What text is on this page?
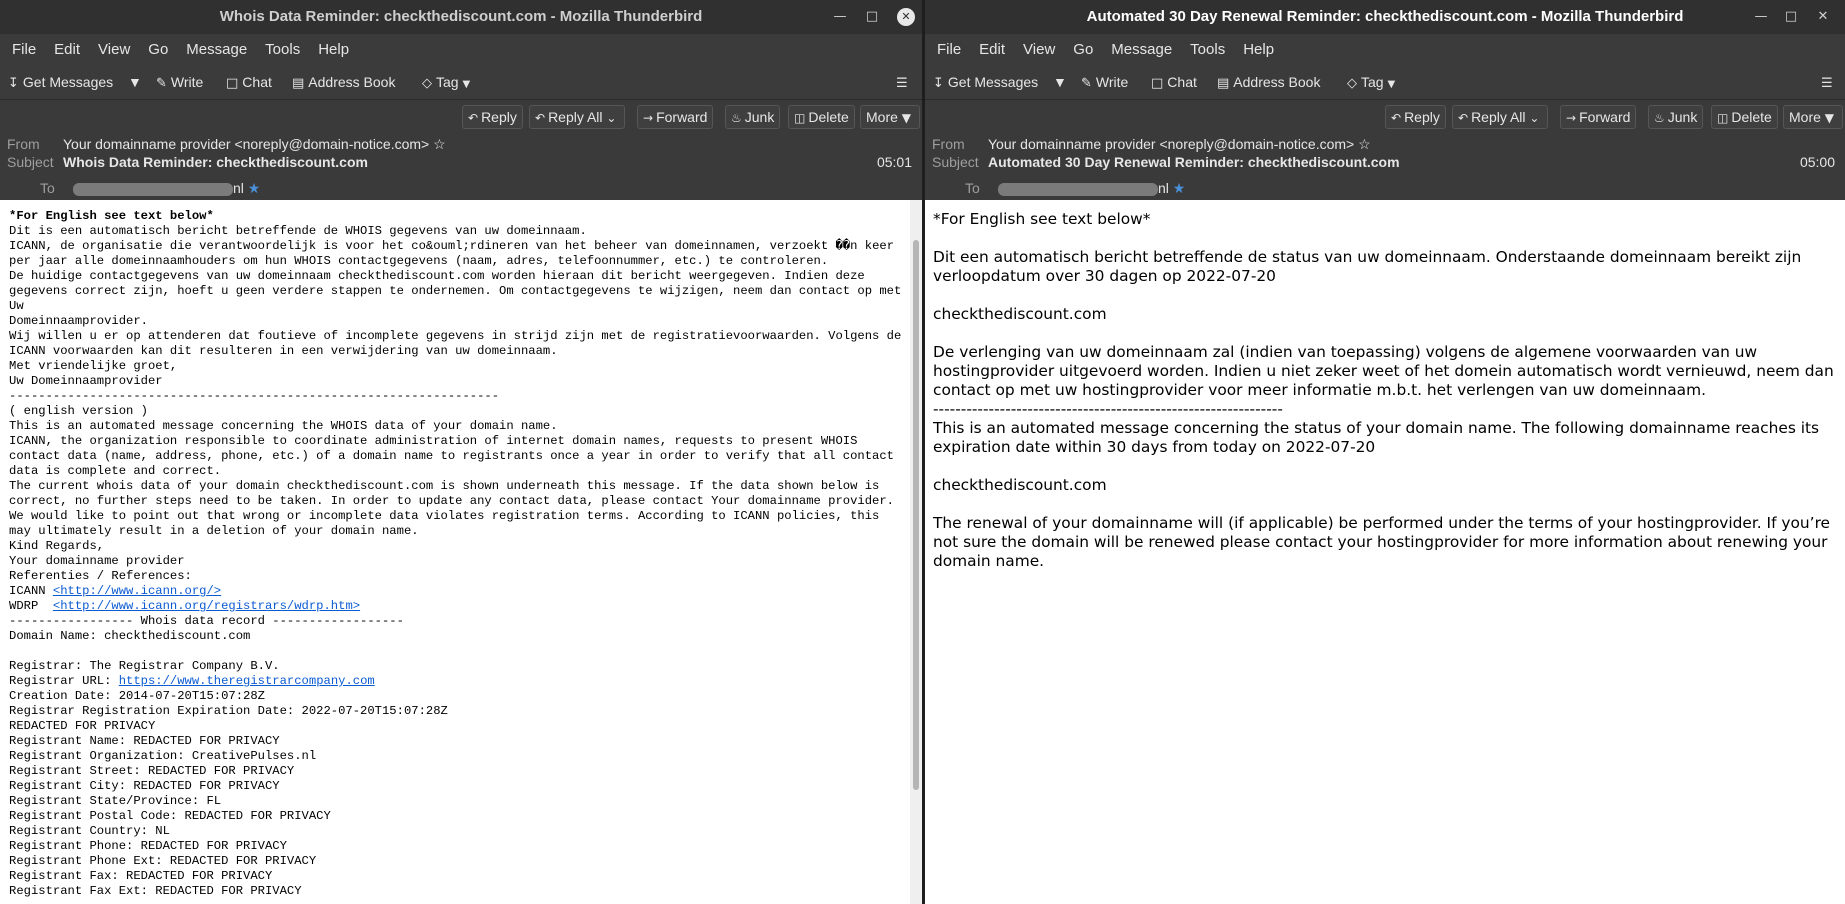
Whois Data Reminder: checkthediscount.com - Mozilla Thunderbird	— □	✕
File Edit View Go Message Tools Help
↧ Get Messages ▼ ✎ Write □ Chat ▤ Address Book ◇ Tag ▼	☰
↶ Reply	↶ Reply All ⌄	→ Forward	♨ Junk	◫ Delete	More ▼
From Your domainname provider <noreply@domain-notice.com> ☆
Subject Whois Data Reminder: checkthediscount.com	05:01
To	nl ★
*For English see text below*
Dit is een automatisch bericht betreffende de WHOIS gegevens van uw domeinnaam.
ICANN, de organisatie die verantwoordelijk is voor het co&ouml;rdineren van het beheer van domeinnamen, verzoekt ��n keer per jaar alle domeinnaamhouders om hun WHOIS contactgegevens (naam, adres, telefoonnummer, etc.) te controleren.
De huidige contactgegevens van uw domeinnaam checkthediscount.com worden hieraan dit bericht weergegeven. Indien deze gegevens correct zijn, hoeft u geen verdere stappen te ondernemen. Om contactgegevens te wijzigen, neem dan contact op met Uw
Domeinnaamprovider.
Wij willen u er op attenderen dat foutieve of incomplete gegevens in strijd zijn met de registratievoorwaarden. Volgens de ICANN voorwaarden kan dit resulteren in een verwijdering van uw domeinnaam.
Met vriendelijke groet,
Uw Domeinnaamprovider
-------------------------------------------------------------------
( english version )
This is an automated message concerning the WHOIS data of your domain name.
ICANN, the organization responsible to coordinate administration of internet domain names, requests to present WHOIS contact data (name, address, phone, etc.) of a domain name to registrants once a year in order to verify that all contact data is complete and correct.
The current whois data of your domain checkthediscount.com is shown underneath this message. If the data shown below is correct, no further steps need to be taken. In order to update any contact data, please contact Your domainname provider.
We would like to point out that wrong or incomplete data violates registration terms. According to ICANN policies, this may ultimately result in a deletion of your domain name.
Kind Regards,
Your domainname provider
Referenties / References:
ICANN <http://www.icann.org/>
WDRP  <http://www.icann.org/registrars/wdrp.htm>
----------------- Whois data record ------------------
Domain Name: checkthediscount.com

Registrar: The Registrar Company B.V.
Registrar URL: https://www.theregistrarcompany.com
Creation Date: 2014-07-20T15:07:28Z
Registrar Registration Expiration Date: 2022-07-20T15:07:28Z
REDACTED FOR PRIVACY
Registrant Name: REDACTED FOR PRIVACY
Registrant Organization: CreativePulses.nl
Registrant Street: REDACTED FOR PRIVACY
Registrant City: REDACTED FOR PRIVACY
Registrant State/Province: FL
Registrant Postal Code: REDACTED FOR PRIVACY
Registrant Country: NL
Registrant Phone: REDACTED FOR PRIVACY
Registrant Phone Ext: REDACTED FOR PRIVACY
Registrant Fax: REDACTED FOR PRIVACY
Registrant Fax Ext: REDACTED FOR PRIVACY
Automated 30 Day Renewal Reminder: checkthediscount.com - Mozilla Thunderbird	— □ ✕
File Edit View Go Message Tools Help
↧ Get Messages ▼ ✎ Write □ Chat ▤ Address Book ◇ Tag ▼	☰
↶ Reply	↶ Reply All ⌄	→ Forward	♨ Junk	◫ Delete	More ▼
From Your domainname provider <noreply@domain-notice.com> ☆
Subject Automated 30 Day Renewal Reminder: checkthediscount.com	05:00
To	nl ★

*For English see text below*

Dit een automatisch bericht betreffende de status van uw domeinnaam. Onderstaande domeinnaam bereikt zijn verloopdatum over 30 dagen op 2022-07-20

checkthediscount.com

De verlenging van uw domeinnaam zal (indien van toepassing) volgens de algemene voorwaarden van uw hostingprovider uitgevoerd worden. Indien u niet zeker weet of het domein automatisch wordt vernieuwd, neem dan contact op met uw hostingprovider voor meer informatie m.b.t. het verlengen van uw domeinnaam.

---------------------------------------------------------------

This is an automated message concerning the status of your domain name. The following domainname reaches its expiration date within 30 days from today on 2022-07-20

checkthediscount.com

The renewal of your domainname will (if applicable) be performed under the terms of your hostingprovider. If you’re not sure the domain will be renewed please contact your hostingprovider for more information about renewing your domain name.
